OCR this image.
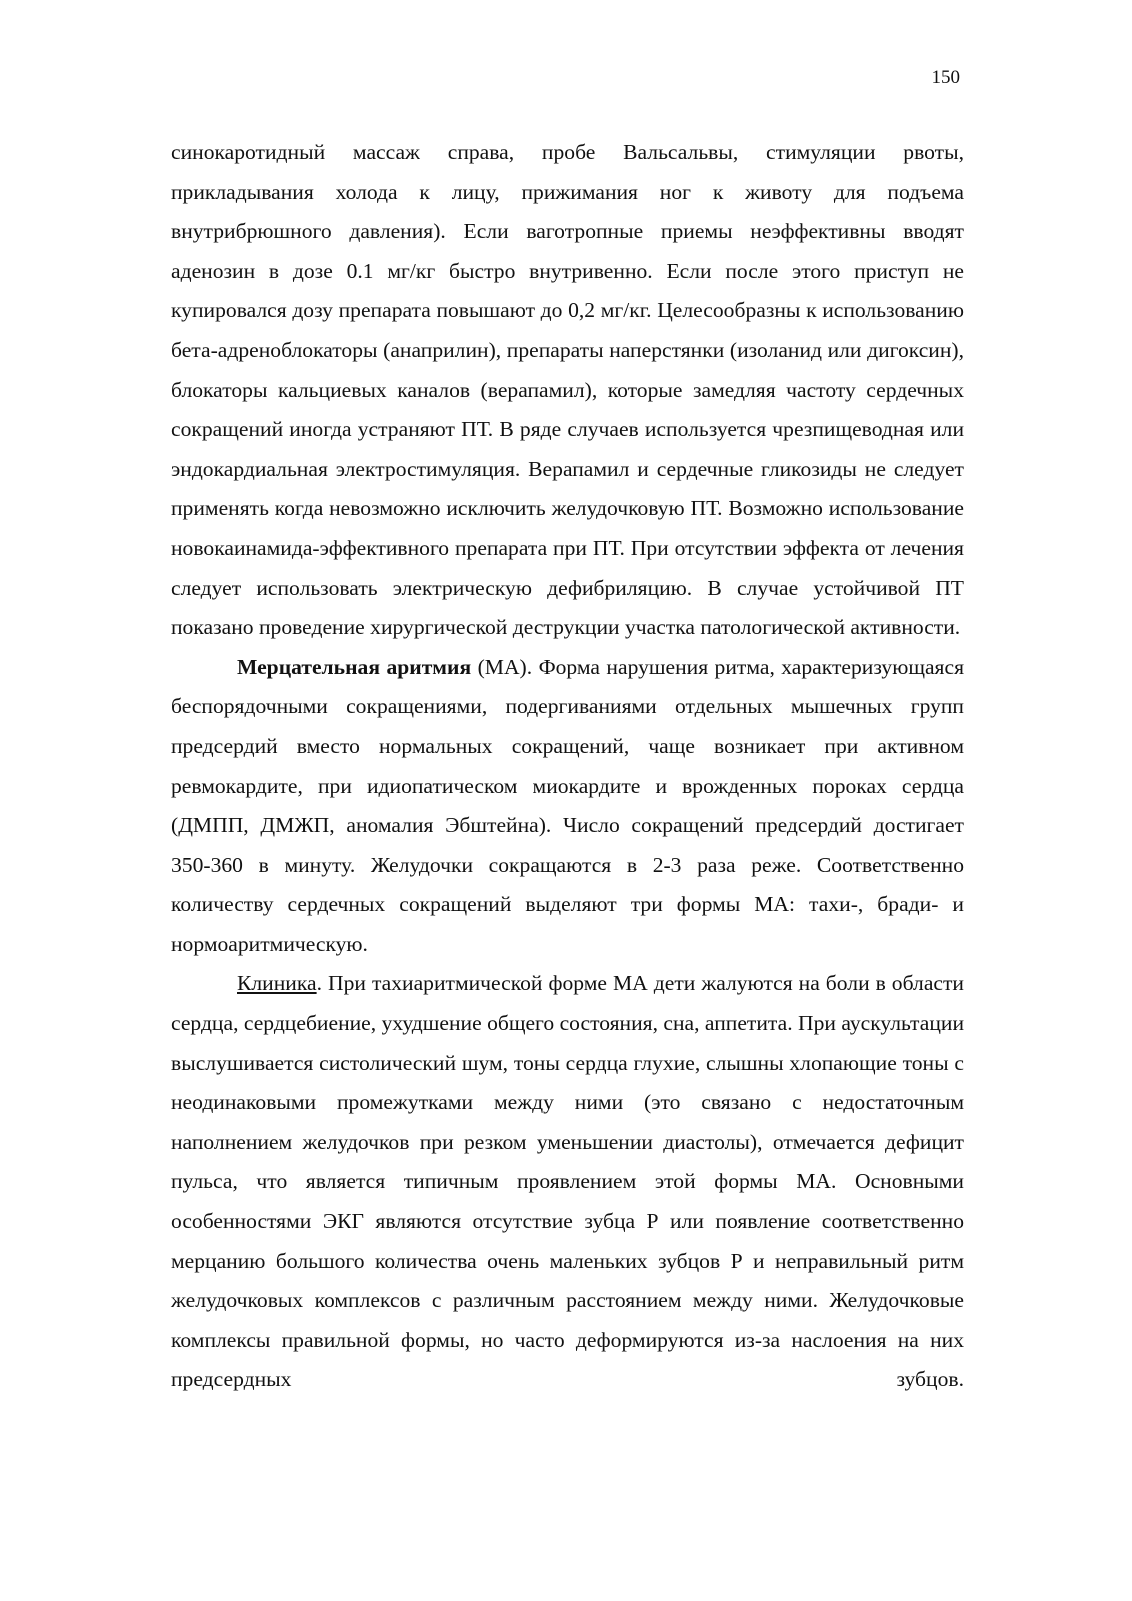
150

синокаротидный массаж справа, пробе Вальсальвы, стимуляции рвоты, прикладывания холода к лицу, прижимания ног к животу для подъема внутрибрюшного давления). Если ваготропные приемы неэффективны вводят аденозин в дозе 0.1 мг/кг быстро внутривенно. Если после этого приступ не купировался дозу препарата повышают до 0,2 мг/кг. Целесообразны к использованию бета-адреноблокаторы (анаприлин), препараты наперстянки (изоланид или дигоксин), блокаторы кальциевых каналов (верапамил), которые замедляя частоту сердечных сокращений иногда устраняют ПТ. В ряде случаев используется чрезпищеводная или эндокардиальная электростимуляция. Верапамил и сердечные гликозиды не следует применять когда невозможно исключить желудочковую ПТ. Возможно использование новокаинамида-эффективного препарата при ПТ. При отсутствии эффекта от лечения следует использовать электрическую дефибриляцию. В случае устойчивой ПТ показано проведение хирургической деструкции участка патологической активности.

Мерцательная аритмия (МА). Форма нарушения ритма, характеризующаяся беспорядочными сокращениями, подергиваниями отдельных мышечных групп предсердий вместо нормальных сокращений, чаще возникает при активном ревмокардите, при идиопатическом миокардите и врожденных пороках сердца (ДМПП, ДМЖП, аномалия Эбштейна). Число сокращений предсердий достигает 350-360 в минуту. Желудочки сокращаются в 2-3 раза реже. Соответственно количеству сердечных сокращений выделяют три формы МА: тахи-, бради- и нормоаритмическую.

Клиника. При тахиаритмической форме МА дети жалуются на боли в области сердца, сердцебиение, ухудшение общего состояния, сна, аппетита. При аускультации выслушивается систолический шум, тоны сердца глухие, слышны хлопающие тоны с неодинаковыми промежутками между ними (это связано с недостаточным наполнением желудочков при резком уменьшении диастолы), отмечается дефицит пульса, что является типичным проявлением этой формы МА. Основными особенностями ЭКГ являются отсутствие зубца Р или появление соответственно мерцанию большого количества очень маленьких зубцов Р и неправильный ритм желудочковых комплексов с различным расстоянием между ними. Желудочковые комплексы правильной формы, но часто деформируются из-за наслоения на них предсердных зубцов.
